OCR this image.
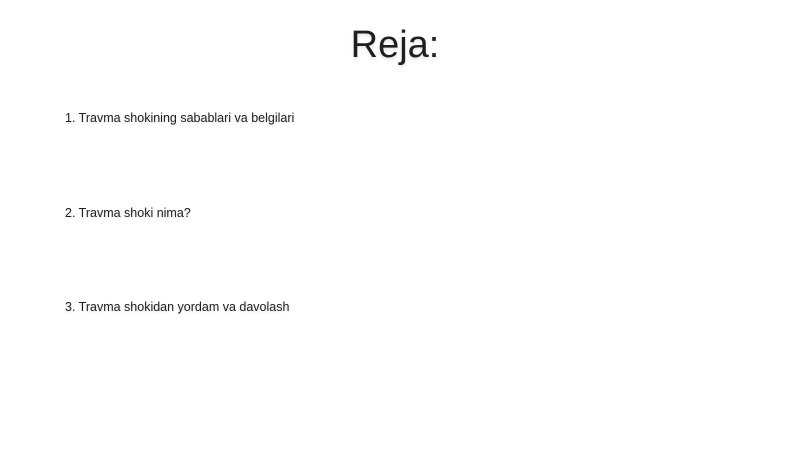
Reja:
1. Travma shokining sabablari va belgilari
2. Travma shoki nima?
3. Travma shokidan yordam va davolash
